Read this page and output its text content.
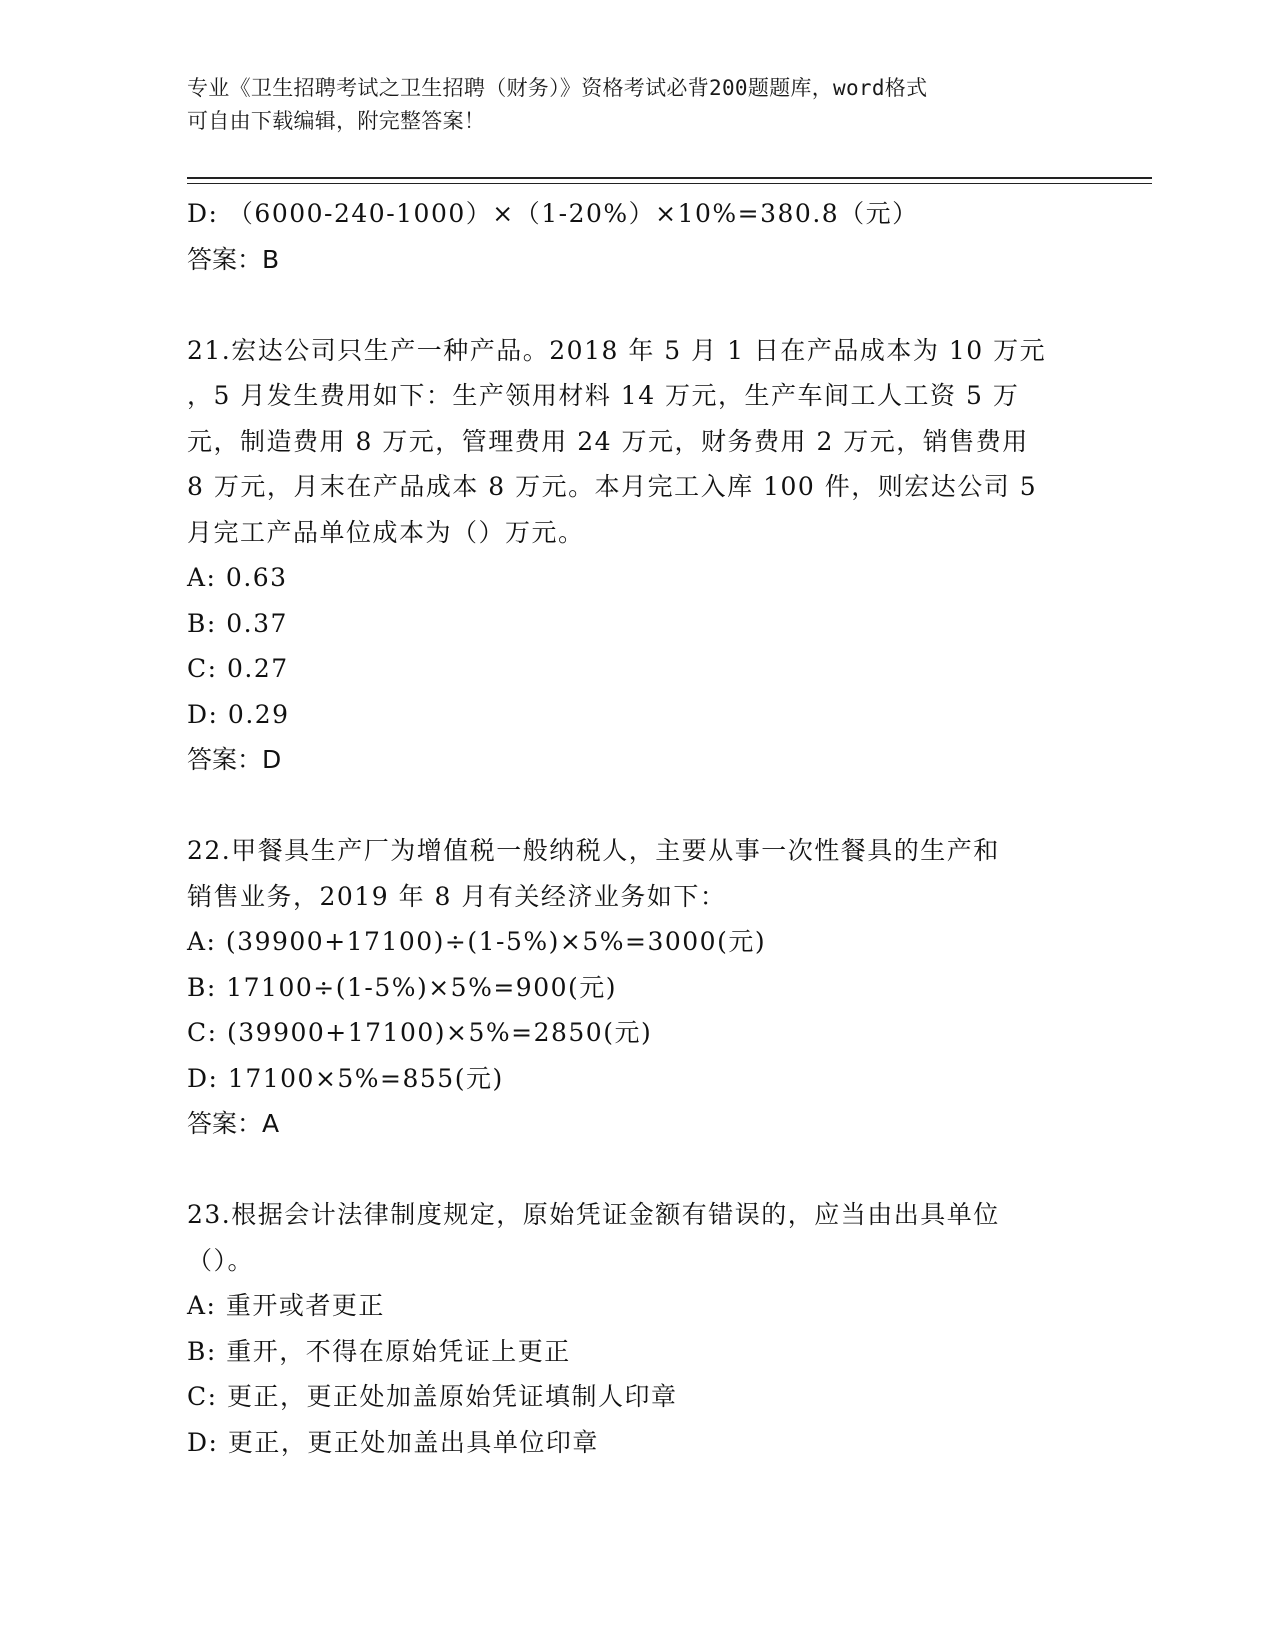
专业《卫生招聘考试之卫生招聘（财务）》资格考试必背200题题库，word格式
可自由下载编辑，附完整答案！
D: （6000-240-1000）×（1-20%）×10%=380.8（元）
答案：B
21.宏达公司只生产一种产品。2018 年 5 月 1 日在产品成本为 10 万元
，5 月发生费用如下：生产领用材料 14 万元，生产车间工人工资 5 万
元，制造费用 8 万元，管理费用 24 万元，财务费用 2 万元，销售费用
8 万元，月末在产品成本 8 万元。本月完工入库 100 件，则宏达公司 5
月完工产品单位成本为（）万元。
A: 0.63
B: 0.37
C: 0.27
D: 0.29
答案：D
22.甲餐具生产厂为增值税一般纳税人，主要从事一次性餐具的生产和
销售业务，2019 年 8 月有关经济业务如下：
A: (39900+17100)÷(1-5%)×5%=3000(元)
B: 17100÷(1-5%)×5%=900(元)
C: (39900+17100)×5%=2850(元)
D: 17100×5%=855(元)
答案：A
23.根据会计法律制度规定，原始凭证金额有错误的，应当由出具单位
（）。
A: 重开或者更正
B: 重开，不得在原始凭证上更正
C: 更正，更正处加盖原始凭证填制人印章
D: 更正，更正处加盖出具单位印章
